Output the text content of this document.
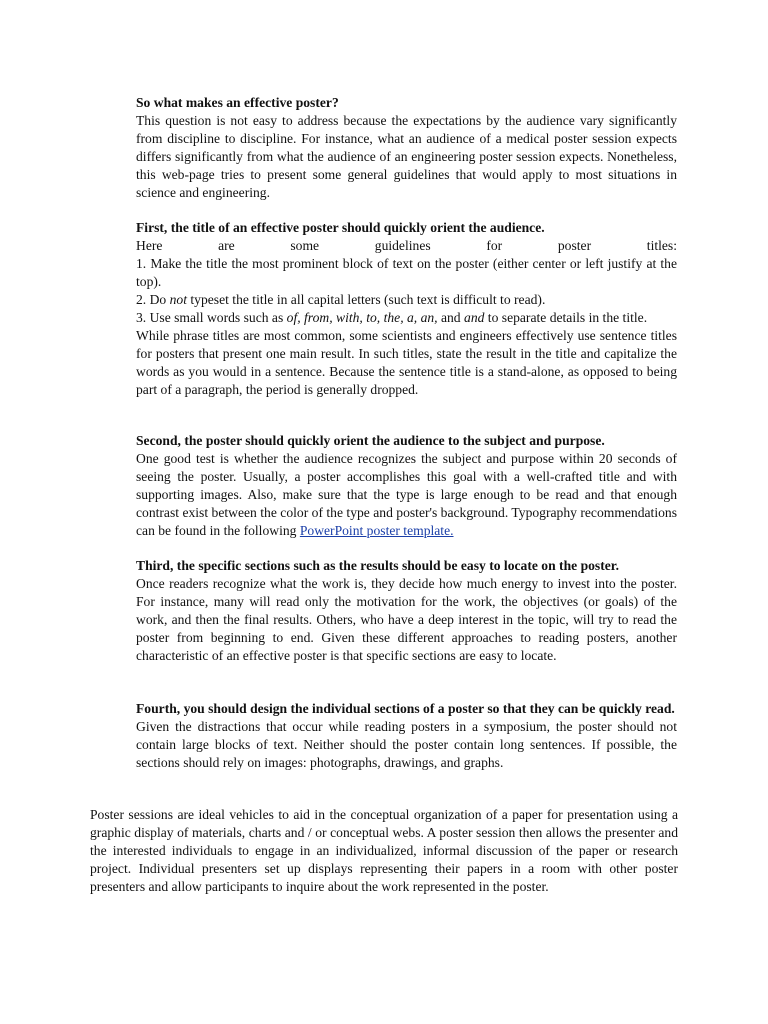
So what makes an effective poster?

This question is not easy to address because the expectations by the audience vary significantly from discipline to discipline. For instance, what an audience of a medical poster session expects differs significantly from what the audience of an engineering poster session expects. Nonetheless, this web-page tries to present some general guidelines that would apply to most situations in science and engineering.

First, the title of an effective poster should quickly orient the audience.

Here are some guidelines for poster titles:

1. Make the title the most prominent block of text on the poster (either center or left justify at the top).

2. Do not typeset the title in all capital letters (such text is difficult to read).

3. Use small words such as of, from, with, to, the, a, an, and and to separate details in the title.

While phrase titles are most common, some scientists and engineers effectively use sentence titles for posters that present one main result. In such titles, state the result in the title and capitalize the words as you would in a sentence. Because the sentence title is a stand-alone, as opposed to being part of a paragraph, the period is generally dropped.

Second, the poster should quickly orient the audience to the subject and purpose.

One good test is whether the audience recognizes the subject and purpose within 20 seconds of seeing the poster. Usually, a poster accomplishes this goal with a well-crafted title and with supporting images. Also, make sure that the type is large enough to be read and that enough contrast exist between the color of the type and poster's background. Typography recommendations can be found in the following PowerPoint poster template.

Third, the specific sections such as the results should be easy to locate on the poster.

Once readers recognize what the work is, they decide how much energy to invest into the poster. For instance, many will read only the motivation for the work, the objectives (or goals) of the work, and then the final results. Others, who have a deep interest in the topic, will try to read the poster from beginning to end. Given these different approaches to reading posters, another characteristic of an effective poster is that specific sections are easy to locate.

Fourth, you should design the individual sections of a poster so that they can be quickly read.

Given the distractions that occur while reading posters in a symposium, the poster should not contain large blocks of text. Neither should the poster contain long sentences. If possible, the sections should rely on images: photographs, drawings, and graphs.

Poster sessions are ideal vehicles to aid in the conceptual organization of a paper for presentation using a graphic display of materials, charts and / or conceptual webs. A poster session then allows the presenter and the interested individuals to engage in an individualized, informal discussion of the paper or research project. Individual presenters set up displays representing their papers in a room with other poster presenters and allow participants to inquire about the work represented in the poster.
